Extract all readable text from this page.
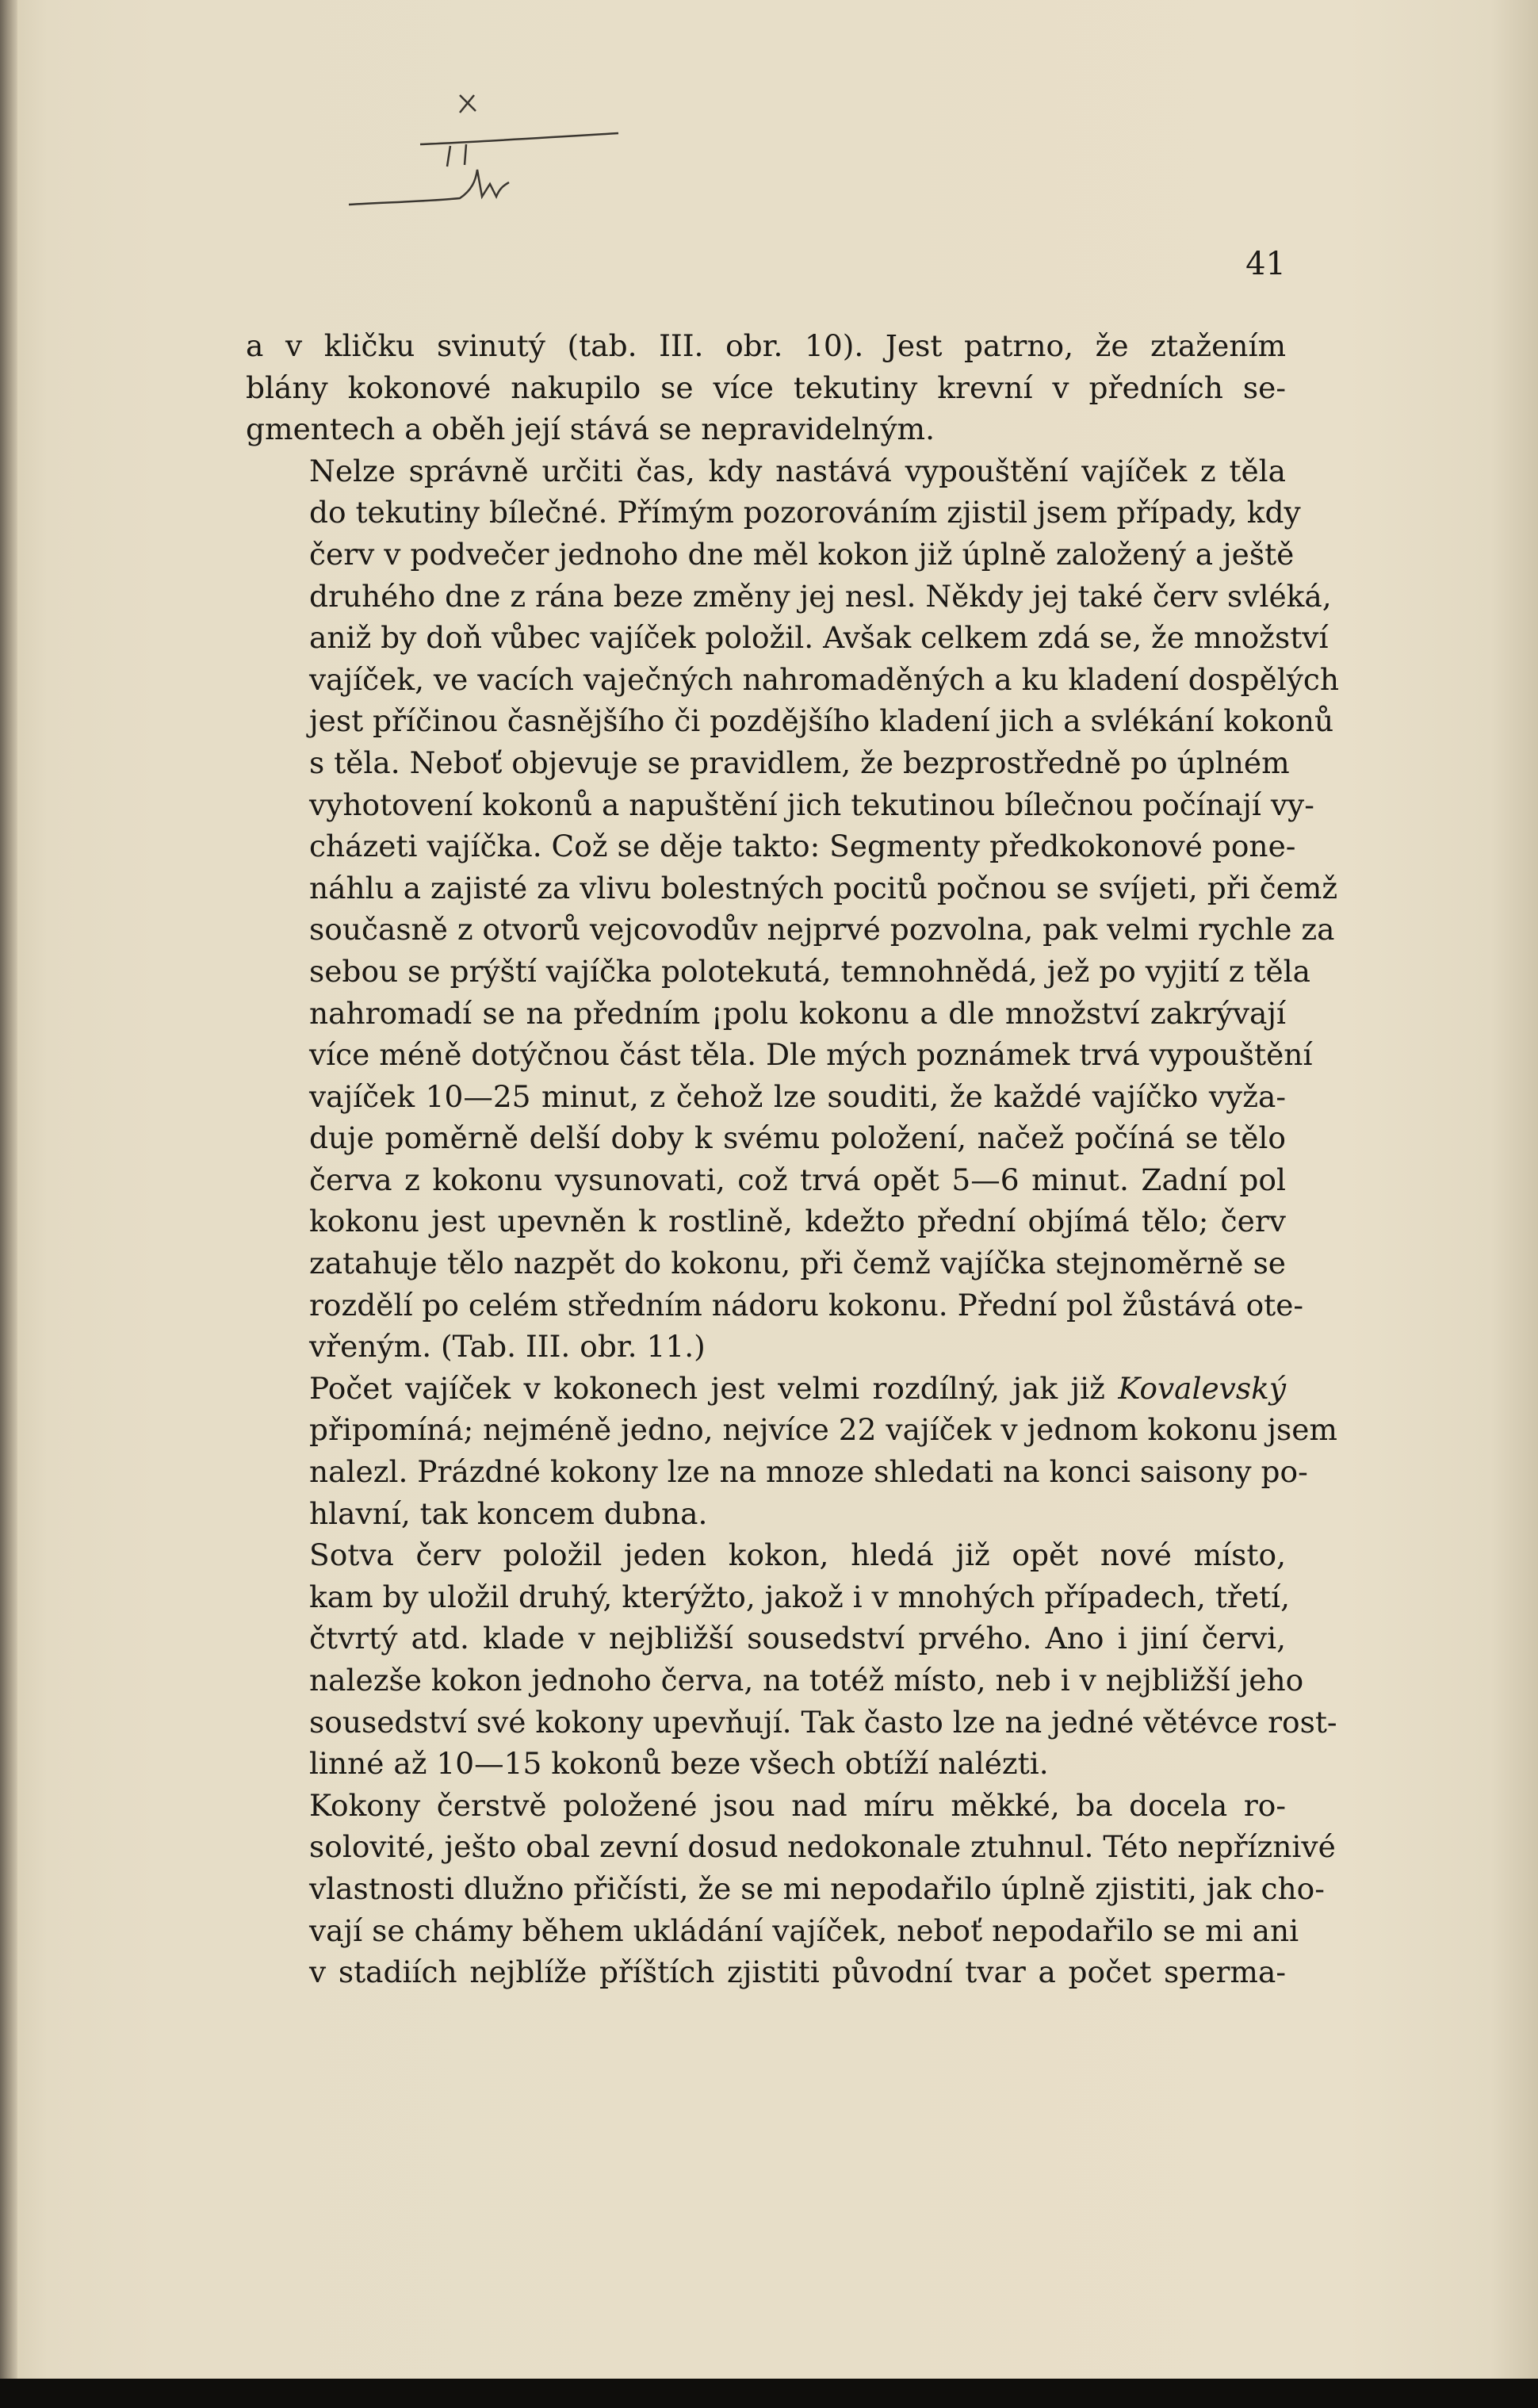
41

a v kličku svinutý (tab. III. obr. 10). Jest patrno, že ztažením
blány kokonové nakupilo se více tekutiny krevní v předních se-
gmentech a oběh její stává se nepravidelným.

Nelze správně určiti čas, kdy nastává vypouštění vajíček z těla
do tekutiny bílečné. Přímým pozorováním zjistil jsem případy, kdy
červ v podvečer jednoho dne měl kokon již úplně založený a ještě
druhého dne z rána beze změny jej nesl. Někdy jej také červ svléká,
aniž by doň vůbec vajíček položil. Avšak celkem zdá se, že množství
vajíček, ve vacích vaječných nahromaděných a ku kladení dospělých
jest příčinou časnějšího či pozdějšího kladení jich a svlékání kokonů
s těla. Neboť objevuje se pravidlem, že bezprostředně po úplném
vyhotovení kokonů a napuštění jich tekutinou bílečnou počínají vy-
cházeti vajíčka. Což se děje takto: Segmenty předkokonové pone-
náhlu a zajisté za vlivu bolestných pocitů počnou se svíjeti, při čemž
současně z otvorů vejcovodův nejprvé pozvolna, pak velmi rychle za
sebou se prýští vajíčka polotekutá, temnohnědá, jež po vyjití z těla
nahromadí se na předním ¡polu kokonu a dle množství zakrývají
více méně dotýčnou část těla. Dle mých poznámek trvá vypouštění
vajíček 10—25 minut, z čehož lze souditi, že každé vajíčko vyža-
duje poměrně delší doby k svému položení, načež počíná se tělo
červa z kokonu vysunovati, což trvá opět 5—6 minut. Zadní pol
kokonu jest upevněn k rostlině, kdežto přední objímá tělo; červ
zatahuje tělo nazpět do kokonu, při čemž vajíčka stejnoměrně se
rozdělí po celém středním nádoru kokonu. Přední pol žůstává ote-
vřeným. (Tab. III. obr. 11.)

Počet vajíček v kokonech jest velmi rozdílný, jak již Kovalevský
připomíná; nejméně jedno, nejvíce 22 vajíček v jednom kokonu jsem
nalezl. Prázdné kokony lze na mnoze shledati na konci saisony po-
hlavní, tak koncem dubna.

Sotva červ položil jeden kokon, hledá již opět nové místo,
kam by uložil druhý, kterýžto, jakož i v mnohých případech, třetí,
čtvrtý atd. klade v nejbližší sousedství prvého. Ano i jiní červi,
nalezše kokon jednoho červa, na totéž místo, neb i v nejbližší jeho
sousedství své kokony upevňují. Tak často lze na jedné větévce rost-
linné až 10—15 kokonů beze všech obtíží nalézti.

Kokony čerstvě položené jsou nad míru měkké, ba docela ro-
solovité, ješto obal zevní dosud nedokonale ztuhnul. Této nepříznivé
vlastnosti dlužno přičísti, že se mi nepodařilo úplně zjistiti, jak cho-
vají se chámy během ukládání vajíček, neboť nepodařilo se mi ani
v stadiích nejblíže příštích zjistiti původní tvar a počet sperma-
